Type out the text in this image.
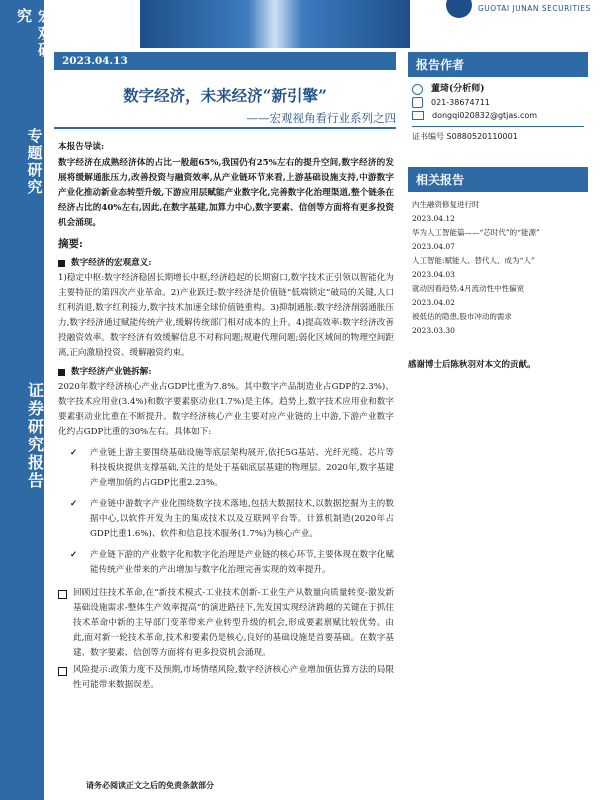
宏观研究
专题研究
证券研究报告
GUOTAI JUNAN SECURITIES
2023.04.13
数字经济，未来经济“新引擎”
——宏观视角看行业系列之四
本报告导读:

数字经济在成熟经济体的占比一般超65%,我国仍有25%左右的提升空间,数字经济的发展将缓解通胀压力,改善投资与融资效率,从产业链环节来看,上游基础设施支持,中游数字产业化推动新业态转型升级,下游应用层赋能产业数字化,完善数字化治理渠道,整个链条在经济占比的40%左右,因此,在数字基建,加算力中心,数字要素、信创等方面将有更多投资机会涌现。

摘要:
数字经济的宏观意义:

1)稳定中枢:数字经济稳固长期增长中枢,经济趋起的长期窗口,数字技术正引领以智能化为主要特征的第四次产业革命。2)产业跃迁:数字经济是价值链“低端锁定”破局的关键,人口红利消退,数字红利接力,数字技术加速全球价值链重构。3)抑制通胀:数字经济削弱通胀压力,数字经济通过赋能传统产业,缓解传统部门相对成本的上升。4)提高效率:数字经济改善投融资效率。数字经济有效缓解信息不对称问题;规避代理问题;弱化区域间的物理空间距离,正向激励投资、缓解融资约束。

数字经济产业链拆解:

2020年数字经济核心产业占GDP比重为7.8%。其中数字产品制造业占GDP的2.3%)、数字技术应用业(3.4%)和数字要素驱动业(1.7%)是主体。趋势上,数字技术应用业和数字要素驱动业比重在不断提升。数字经济核心产业主要对应产业链的上中游,下游产业数字化约占GDP比重的30%左右。具体如下:

✓	产业链上游主要围绕基础设施等底层架构展开,依托5G基站、光纤光缆、芯片等科技板块提供支撑基础,关注的是处于基础底层基建的物理层。2020年,数字基建产业增加值约占GDP比重2.23%。

✓	产业链中游数字产业化围绕数字技术落地,包括大数据技术,以数据挖掘为主的数据中心,以软件开发为主的集成技术以及互联网平台等。计算机制造(2020年占GDP比重1.6%)、软件和信息技术服务(1.7%)为核心产业。

✓	产业链下游的产业数字化和数字化治理是产业链的核心环节,主要体现在数字化赋能传统产业带来的产出增加与数字化治理完善实现的效率提升。

回顾过往技术革命,在“新技术模式-工业技术创新-工业生产从数量向质量转变-激发新基础设施需求-整体生产效率提高”的演进路径下,先发国实现经济跨越的关键在于抓住技术革命中新的主导部门变革带来产业转型升级的机会,形成要素禀赋比较优势。由此,面对新一轮技术革命,技术和要素仍是核心,良好的基础设施是首要基础。在数字基建、数字要素、信创等方面将有更多投资机会涌现。

风险提示:政策力度不及预期,市场情绪风险,数字经济核心产业增加值估算方法的局限性可能带来数据误差。

报告作者
董琦(分析师)
021-38674711
dongqi020832@gtjas.com
证书编号 S0880520110001
相关报告
内生融资修复进行时
2023.04.12
华为人工智能篇——“芯时代”的“能源”
2023.04.07
人工智能:赋能人、替代人、成为“人”
2023.04.03
就动因看趋势,4月流动性中性偏宽
2023.04.02
被低估的隐患,股市冲动的需求
2023.03.30
感谢博士后陈秋羽对本文的贡献。
请务必阅读正文之后的免责条款部分
